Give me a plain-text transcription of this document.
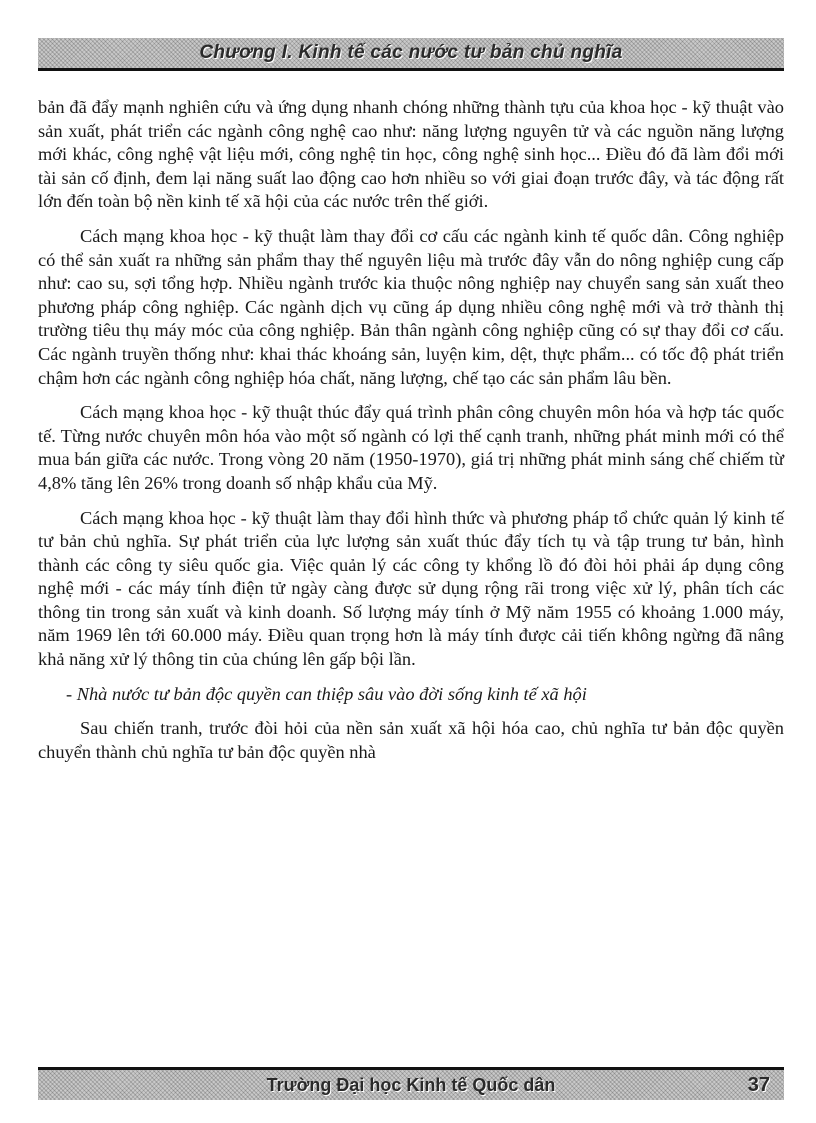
Chương I. Kinh tế các nước tư bản chủ nghĩa

bản đã đẩy mạnh nghiên cứu và ứng dụng nhanh chóng những thành tựu của khoa học - kỹ thuật vào sản xuất, phát triển các ngành công nghệ cao như: năng lượng nguyên tử và các nguồn năng lượng mới khác, công nghệ vật liệu mới, công nghệ tin học, công nghệ sinh học... Điều đó đã làm đổi mới tài sản cố định, đem lại năng suất lao động cao hơn nhiều so với giai đoạn trước đây, và tác động rất lớn đến toàn bộ nền kinh tế xã hội của các nước trên thế giới.

Cách mạng khoa học - kỹ thuật làm thay đổi cơ cấu các ngành kinh tế quốc dân. Công nghiệp có thể sản xuất ra những sản phẩm thay thế nguyên liệu mà trước đây vẫn do nông nghiệp cung cấp như: cao su, sợi tổng hợp. Nhiều ngành trước kia thuộc nông nghiệp nay chuyển sang sản xuất theo phương pháp công nghiệp. Các ngành dịch vụ cũng áp dụng nhiều công nghệ mới và trở thành thị trường tiêu thụ máy móc của công nghiệp. Bản thân ngành công nghiệp cũng có sự thay đổi cơ cấu. Các ngành truyền thống như: khai thác khoáng sản, luyện kim, dệt, thực phẩm... có tốc độ phát triển chậm hơn các ngành công nghiệp hóa chất, năng lượng, chế tạo các sản phẩm lâu bền.

Cách mạng khoa học - kỹ thuật thúc đẩy quá trình phân công chuyên môn hóa và hợp tác quốc tế. Từng nước chuyên môn hóa vào một số ngành có lợi thế cạnh tranh, những phát minh mới có thể mua bán giữa các nước. Trong vòng 20 năm (1950-1970), giá trị những phát minh sáng chế chiếm từ 4,8% tăng lên 26% trong doanh số nhập khẩu của Mỹ.

Cách mạng khoa học - kỹ thuật làm thay đổi hình thức và phương pháp tổ chức quản lý kinh tế tư bản chủ nghĩa. Sự phát triển của lực lượng sản xuất thúc đẩy tích tụ và tập trung tư bản, hình thành các công ty siêu quốc gia. Việc quản lý các công ty khổng lồ đó đòi hỏi phải áp dụng công nghệ mới - các máy tính điện tử ngày càng được sử dụng rộng rãi trong việc xử lý, phân tích các thông tin trong sản xuất và kinh doanh. Số lượng máy tính ở Mỹ năm 1955 có khoảng 1.000 máy, năm 1969 lên tới 60.000 máy. Điều quan trọng hơn là máy tính được cải tiến không ngừng đã nâng khả năng xử lý thông tin của chúng lên gấp bội lần.

- Nhà nước tư bản độc quyền can thiệp sâu vào đời sống kinh tế xã hội

Sau chiến tranh, trước đòi hỏi của nền sản xuất xã hội hóa cao, chủ nghĩa tư bản độc quyền chuyển thành chủ nghĩa tư bản độc quyền nhà

Trường Đại học Kinh tế Quốc dân	37
